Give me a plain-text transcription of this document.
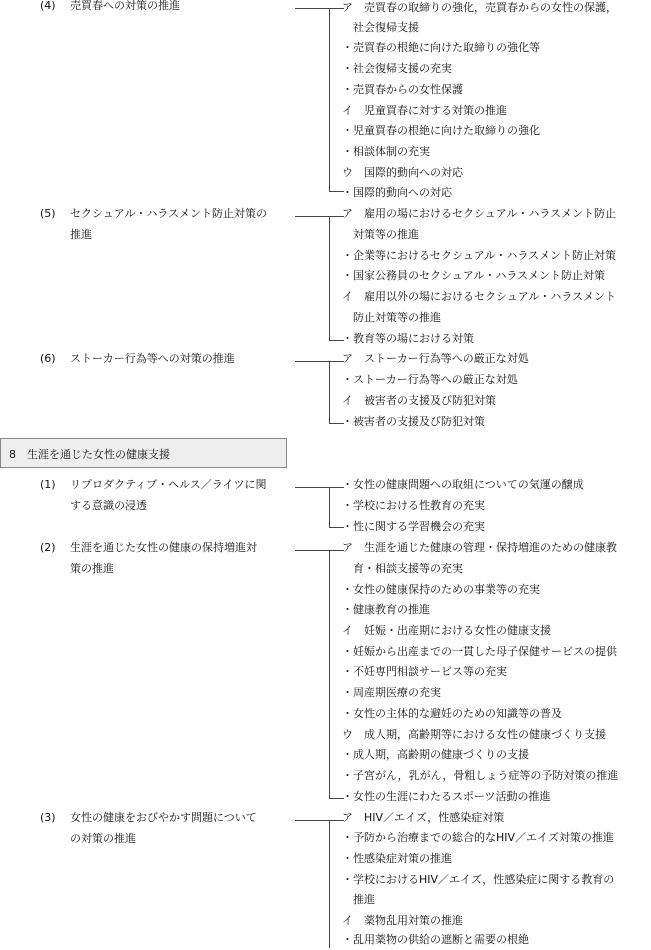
(4) 売買春への対策の推進	ア　売買春の取締りの強化，売買春からの女性の保護，
　社会復帰支援
・売買春の根絶に向けた取締りの強化等
・社会復帰支援の充実
・売買春からの女性保護
イ　児童買春に対する対策の推進
・児童買春の根絶に向けた取締りの強化
・相談体制の充実
ウ　国際的動向への対応
・国際的動向への対応
(5) セクシュアル・ハラスメント防止対策の
推進
ア　雇用の場におけるセクシュアル・ハラスメント防止
　対策等の推進
・企業等におけるセクシュアル・ハラスメント防止対策
・国家公務員のセクシュアル・ハラスメント防止対策
イ　雇用以外の場におけるセクシュアル・ハラスメント
　防止対策等の推進
・教育等の場における対策
(6) ストーカー行為等への対策の推進	ア　ストーカー行為等への厳正な対処
・ストーカー行為等への厳正な対処
イ　被害者の支援及び防犯対策
・被害者の支援及び防犯対策
8　生涯を通じた女性の健康支援
(1) リプロダクティブ・ヘルス／ライツに関
する意識の浸透
・女性の健康問題への取組についての気運の醸成
・学校における性教育の充実
・性に関する学習機会の充実
(2) 生涯を通じた女性の健康の保持増進対
策の推進
ア　生涯を通じた健康の管理・保持増進のための健康教
　育・相談支援等の充実
・女性の健康保持のための事業等の充実
・健康教育の推進
イ　妊娠・出産期における女性の健康支援
・妊娠から出産までの一貫した母子保健サービスの提供
・不妊専門相談サービス等の充実
・周産期医療の充実
・女性の主体的な避妊のための知識等の普及
ウ　成人期，高齢期等における女性の健康づくり支援
・成人期，高齢期の健康づくりの支援
・子宮がん，乳がん，骨粗しょう症等の予防対策の推進
・女性の生涯にわたるスポーツ活動の推進
(3) 女性の健康をおびやかす問題について
の対策の推進
ア　HIV／エイズ，性感染症対策
・予防から治療までの総合的なHIV／エイズ対策の推進
・性感染症対策の推進
・学校におけるHIV／エイズ，性感染症に関する教育の
　推進
イ　薬物乱用対策の推進
・乱用薬物の供給の遮断と需要の根絶
